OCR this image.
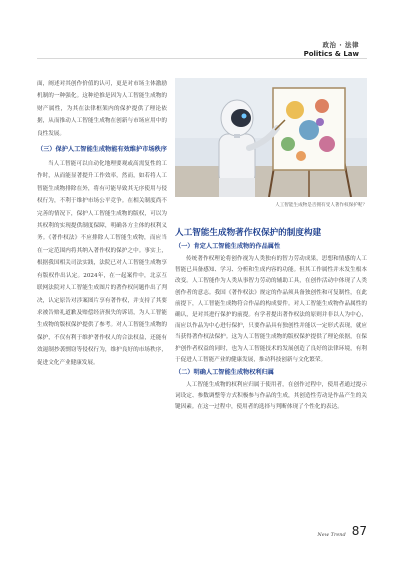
政治 · 法律
Politics & Law

面，阐述对其创作价值的认可，更是对市场主体激励机制的一种强化。这种逆推是因为人工智能生成物的财产属性，为其在法律框架内的保护提供了理论依据，从而推动人工智能生成物在创新与市场应用中的良性发展。

（三）保护人工智能生成物能有效维护市场秩序

当人工智能可以自动化地理要观或高需复性的工作时，从而能显著提升工作效率，然而，如若将人工智能生成物排除在外，将有可能导致其无序使用与侵权行为，不利于维护市场公平竞争。在相关制度尚不完善的情况下，保护人工智能生成物的版权，可以为其权利的实现提供制度保障，明确各方主体的权利义务。《著作权法》不应排除人工智能生成物，而应当在一定范围内将其纳入著作权的保护之中。事实上，根据我国相关司法实践，法院已对人工智能生成物享有版权作出认定。2024年，在一起案件中，北京互联网法院对人工智能生成图片的著作权问题作出了判决，认定原告对涉案图片享有著作权，并支持了其要求被告赔礼道歉及赔偿经济损失的诉请，为人工智能生成物的版权保护提供了参考。对人工智能生成物的保护，不仅有利于维护著作权人的合法权益，还能有效遏制抄袭剽窃等侵权行为，维护良好的市场秩序，促进文化产业健康发展。

人工智能生成物是否拥有受人著作权保护呢？
人工智能生成物著作权保护的制度构建
（一）肯定人工智能生成物的作品属性

传统著作权理论将创作视为人类独有的智力劳动成果，思想和情感的人工智能已具备感知、学习、分析和生成内容的功能。但其工作属性并未发生根本改变。人工智能作为人类从事智力劳动的辅助工具，在创作活动中体现了人类创作者的意志。我国《著作权法》规定的作品须具备独创性和可复制性，在此前提下，人工智能生成物符合作品的构成要件。对人工智能生成物作品属性的确认，是对其进行保护的前提。有学者提出著作权法的原则并非以人为中心，而应以作品为中心进行保护，只要作品具有独创性并能以一定形式表现，就应当获得著作权法保护。这为人工智能生成物的版权保护提供了理论依据，在保护创作者权益的同时，也为人工智能技术的发展创造了良好的法律环境，有利于促进人工智能产业的健康发展，推动科技创新与文化繁荣。

（二）明确人工智能生成物权利归属

人工智能生成物的权利应归属于使用者，在创作过程中，使用者通过提示词设定、参数调整等方式积极参与作品的生成，其创造性劳动是作品产生的关键因素。在这一过程中，使用者的选择与判断体现了个性化的表达。

New Trend 87
